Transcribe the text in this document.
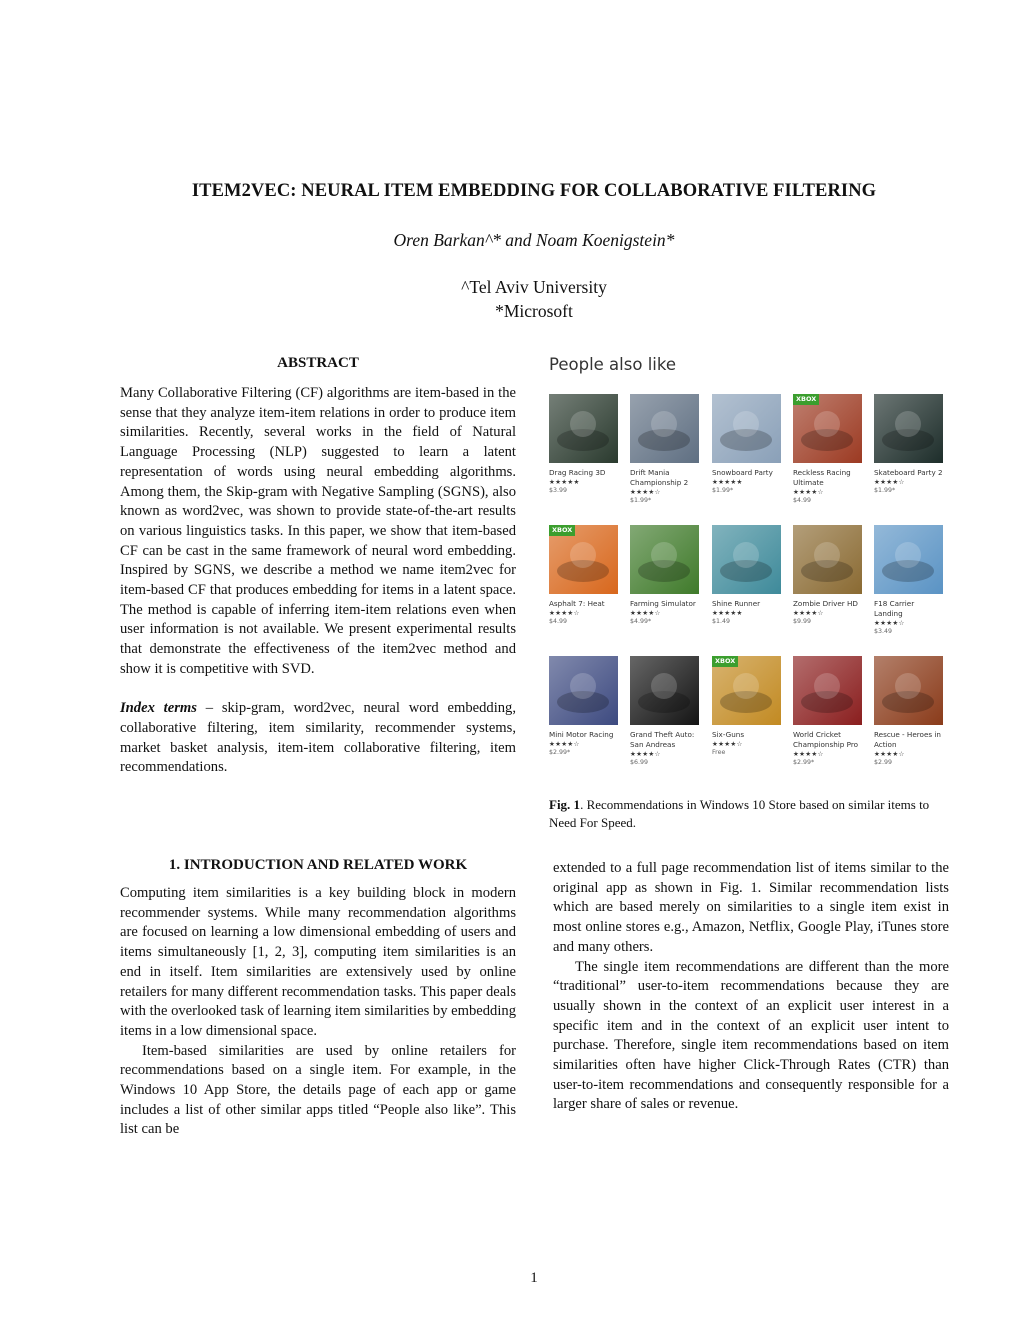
ITEM2VEC: NEURAL ITEM EMBEDDING FOR COLLABORATIVE FILTERING
Oren Barkan^* and Noam Koenigstein*
^Tel Aviv University
*Microsoft
ABSTRACT

Many Collaborative Filtering (CF) algorithms are item-based in the sense that they analyze item-item relations in order to produce item similarities. Recently, several works in the field of Natural Language Processing (NLP) suggested to learn a latent representation of words using neural embedding algorithms. Among them, the Skip-gram with Negative Sampling (SGNS), also known as word2vec, was shown to provide state-of-the-art results on various linguistics tasks. In this paper, we show that item-based CF can be cast in the same framework of neural word embedding. Inspired by SGNS, we describe a method we name item2vec for item-based CF that produces embedding for items in a latent space. The method is capable of inferring item-item relations even when user information is not available. We present experimental results that demonstrate the effectiveness of the item2vec method and show it is competitive with SVD.

Index terms – skip-gram, word2vec, neural word embedding, collaborative filtering, item similarity, recommender systems, market basket analysis, item-item collaborative filtering, item recommendations.

People also like
Drag Racing 3D
★★★★★
$3.99
Drift Mania Championship 2
★★★★☆
$1.99*
Snowboard Party
★★★★★
$1.99*
XBOX
Reckless Racing Ultimate
★★★★☆
$4.99
Skateboard Party 2
★★★★☆
$1.99*
XBOX
Asphalt 7: Heat
★★★★☆
$4.99
Farming Simulator
★★★★☆
$4.99*
Shine Runner
★★★★★
$1.49
Zombie Driver HD
★★★★☆
$9.99
F18 Carrier Landing
★★★★☆
$3.49
Mini Motor Racing
★★★★☆
$2.99*
Grand Theft Auto: San Andreas
★★★★☆
$6.99
XBOX
Six-Guns
★★★★☆
Free
World Cricket Championship Pro
★★★★☆
$2.99*
Rescue - Heroes in Action
★★★★☆
$2.99
Fig. 1. Recommendations in Windows 10 Store based on similar items to Need For Speed.
1. INTRODUCTION AND RELATED WORK

Computing item similarities is a key building block in modern recommender systems. While many recommendation algorithms are focused on learning a low dimensional embedding of users and items simultaneously [1, 2, 3], computing item similarities is an end in itself. Item similarities are extensively used by online retailers for many different recommendation tasks. This paper deals with the overlooked task of learning item similarities by embedding items in a low dimensional space.

Item-based similarities are used by online retailers for recommendations based on a single item. For example, in the Windows 10 App Store, the details page of each app or game includes a list of other similar apps titled “People also like”. This list can be

extended to a full page recommendation list of items similar to the original app as shown in Fig. 1. Similar recommendation lists which are based merely on similarities to a single item exist in most online stores e.g., Amazon, Netflix, Google Play, iTunes store and many others.

The single item recommendations are different than the more “traditional” user-to-item recommendations because they are usually shown in the context of an explicit user interest in a specific item and in the context of an explicit user intent to purchase. Therefore, single item recommendations based on item similarities often have higher Click-Through Rates (CTR) than user-to-item recommendations and consequently responsible for a larger share of sales or revenue.

1
